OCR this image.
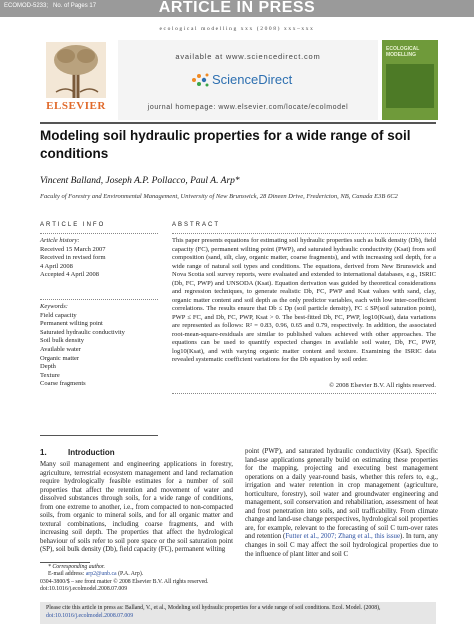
ARTICLE IN PRESS
ECOMOD-5233; No. of Pages 17
ecological modelling xxx (2008) xxx–xxx
ELSEVIER
available at www.sciencedirect.com
ScienceDirect
journal homepage: www.elsevier.com/locate/ecolmodel
ECOLOGICAL MODELLING
Modeling soil hydraulic properties for a wide range of soil conditions
Vincent Balland, Joseph A.P. Pollacco, Paul A. Arp*
Faculty of Forestry and Environmental Management, University of New Brunswick, 28 Dineen Drive, Fredericton, NB, Canada E3B 6C2
ARTICLE INFO	ABSTRACT
Article history:
Received 15 March 2007
Received in revised form
4 April 2008
Accepted 4 April 2008
Keywords:
Field capacity
Permanent wilting point
Saturated hydraulic conductivity
Soil bulk density
Available water
Organic matter
Depth
Texture
Coarse fragments
This paper presents equations for estimating soil hydraulic properties such as bulk density (Db), field capacity (FC), permanent wilting point (PWP), and saturated hydraulic conductivity (Ksat) from soil composition (sand, silt, clay, organic matter, coarse fragments), and with increasing soil depth, for a wide range of natural soil types and conditions. The equations, derived from New Brunswick and Nova Scotia soil survey reports, were evaluated and extended to international databases, e.g., ISRIC (Db, FC, PWP) and UNSODA (Ksat). Equation derivation was guided by theoretical considerations and regression techniques, to generate realistic Db, FC, PWP and Ksat values with sand, clay, organic matter content and soil depth as the only predictor variables, each with low inter-coefficient correlations. The results ensure that Db ≤ Dp (soil particle density), FC ≤ SP(soil saturation point), PWP ≤ FC, and Db, FC, PWP, Ksat > 0. The best-fitted Db, FC, PWP, log10(Ksat), data variations are represented as follows: R² = 0.83, 0.96, 0.65 and 0.79, respectively. In addition, the associated root-mean-square-residuals are similar to published values achieved with other approaches. The equations can be used to quantify expected changes in available soil water, Db, FC, PWP, log10(Ksat), and with varying organic matter content and texture. Examining the ISRIC data revealed systematic coefficient variations for the Db equation by soil order.
© 2008 Elsevier B.V. All rights reserved.
1.	Introduction
Many soil management and engineering applications in forestry, agriculture, terrestrial ecosystem management and land reclamation require hydrologically feasible estimates for a number of soil properties that affect the retention and movement of water and dissolved substances through soils, for a wide range of conditions, from one extreme to another, i.e., from compacted to non-compacted soils, from organic to mineral soils, and for all organic matter and textural combinations, including coarse fragments, and with increasing soil depth. The properties that affect the hydrological behaviour of soils refer to soil pore space or the soil saturation point (SP), soil bulk density (Db), field capacity (FC), permanent wilting
point (PWP), and saturated hydraulic conductivity (Ksat). Specific land-use applications generally build on estimating these properties for the mapping, projecting and executing best management operations on a daily year-round basis, whether this refers to, e.g., irrigation and water retention in crop management (agriculture, horticulture, forestry), soil water and groundwater engineering and management, soil conservation and rehabilitation, assessment of heat and frost penetration into soils, and soil trafficability. From climate change and land-use change perspectives, hydrological soil properties are, for example, relevant to the forecasting of soil C turn-over rates and retention (Futter et al., 2007; Zhang et al., this issue). In turn, any changes in soil C may affect the soil hydrological properties due to the influence of plant litter and soil C
* Corresponding author.
E-mail address: arp2@unb.ca (P.A. Arp).
0304-3800/$ – see front matter © 2008 Elsevier B.V. All rights reserved.
doi:10.1016/j.ecolmodel.2008.07.009
Please cite this article in press as: Balland, V., et al., Modeling soil hydraulic properties for a wide range of soil conditions. Ecol. Model. (2008),
doi:10.1016/j.ecolmodel.2008.07.009
